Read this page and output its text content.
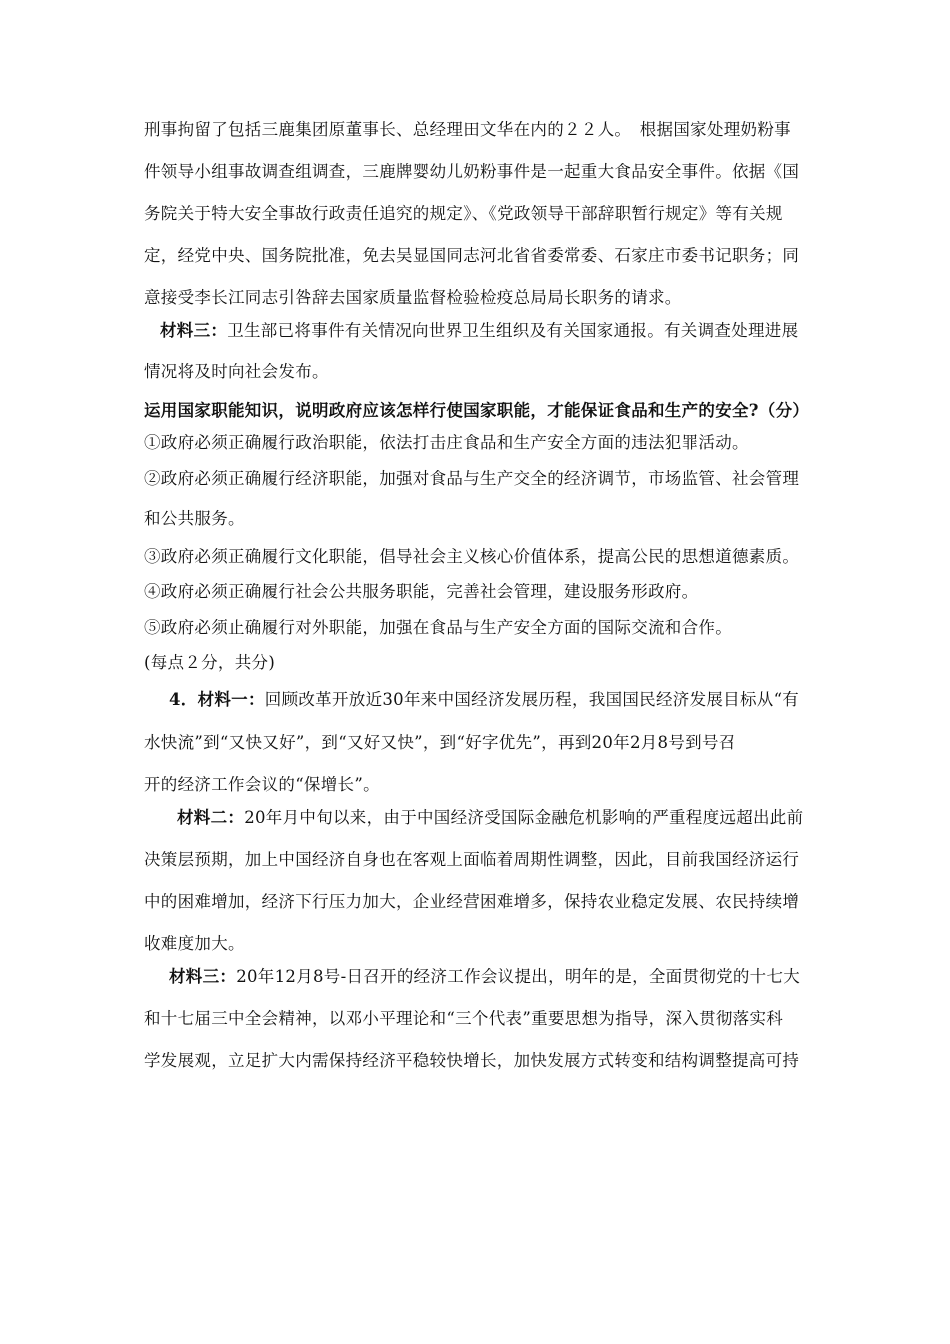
刑事拘留了包括三鹿集团原董事长、总经理田文华在内的２２人。　根据国家处理奶粉事
件领导小组事故调查组调查，三鹿牌婴幼儿奶粉事件是一起重大食品安全事件。依据《国
务院关于特大安全事故行政责任追究的规定》、《党政领导干部辞职暂行规定》等有关规
定，经党中央、国务院批准，免去吴显国同志河北省省委常委、石家庄市委书记职务；同
意接受李长江同志引咎辞去国家质量监督检验检疫总局局长职务的请求。
材料三：卫生部已将事件有关情况向世界卫生组织及有关国家通报。有关调查处理进展
情况将及时向社会发布。
运用国家职能知识，说明政府应该怎样行使国家职能，才能保证食品和生产的安全?（分）
①政府必须正确履行政治职能，依法打击庄食品和生产安全方面的违法犯罪活动。
②政府必须正确履行经济职能，加强对食品与生产交全的经济调节，市场监管、社会管理
和公共服务。
③政府必须正确履行文化职能，倡导社会主义核心价值体系，提高公民的思想道德素质。
④政府必须正确履行社会公共服务职能，完善社会管理，建设服务形政府。
⑤政府必须止确履行对外职能，加强在食品与生产安全方面的国际交流和合作。
(每点２分，共分)
4．材料一：回顾改革开放近30年来中国经济发展历程，我国国民经济发展目标从“有
水快流”到“又快又好”，到“又好又快”，到“好字优先”，再到20年2月8号到号召
开的经济工作会议的“保增长”。
材料二：20年月中旬以来，由于中国经济受国际金融危机影响的严重程度远超出此前
决策层预期，加上中国经济自身也在客观上面临着周期性调整，因此，目前我国经济运行
中的困难增加，经济下行压力加大，企业经营困难增多，保持农业稳定发展、农民持续增
收难度加大。
材料三：20年12月8号-日召开的经济工作会议提出，明年的是，全面贯彻党的十七大
和十七届三中全会精神，以邓小平理论和“三个代表”重要思想为指导，深入贯彻落实科
学发展观，立足扩大内需保持经济平稳较快增长，加快发展方式转变和结构调整提高可持
